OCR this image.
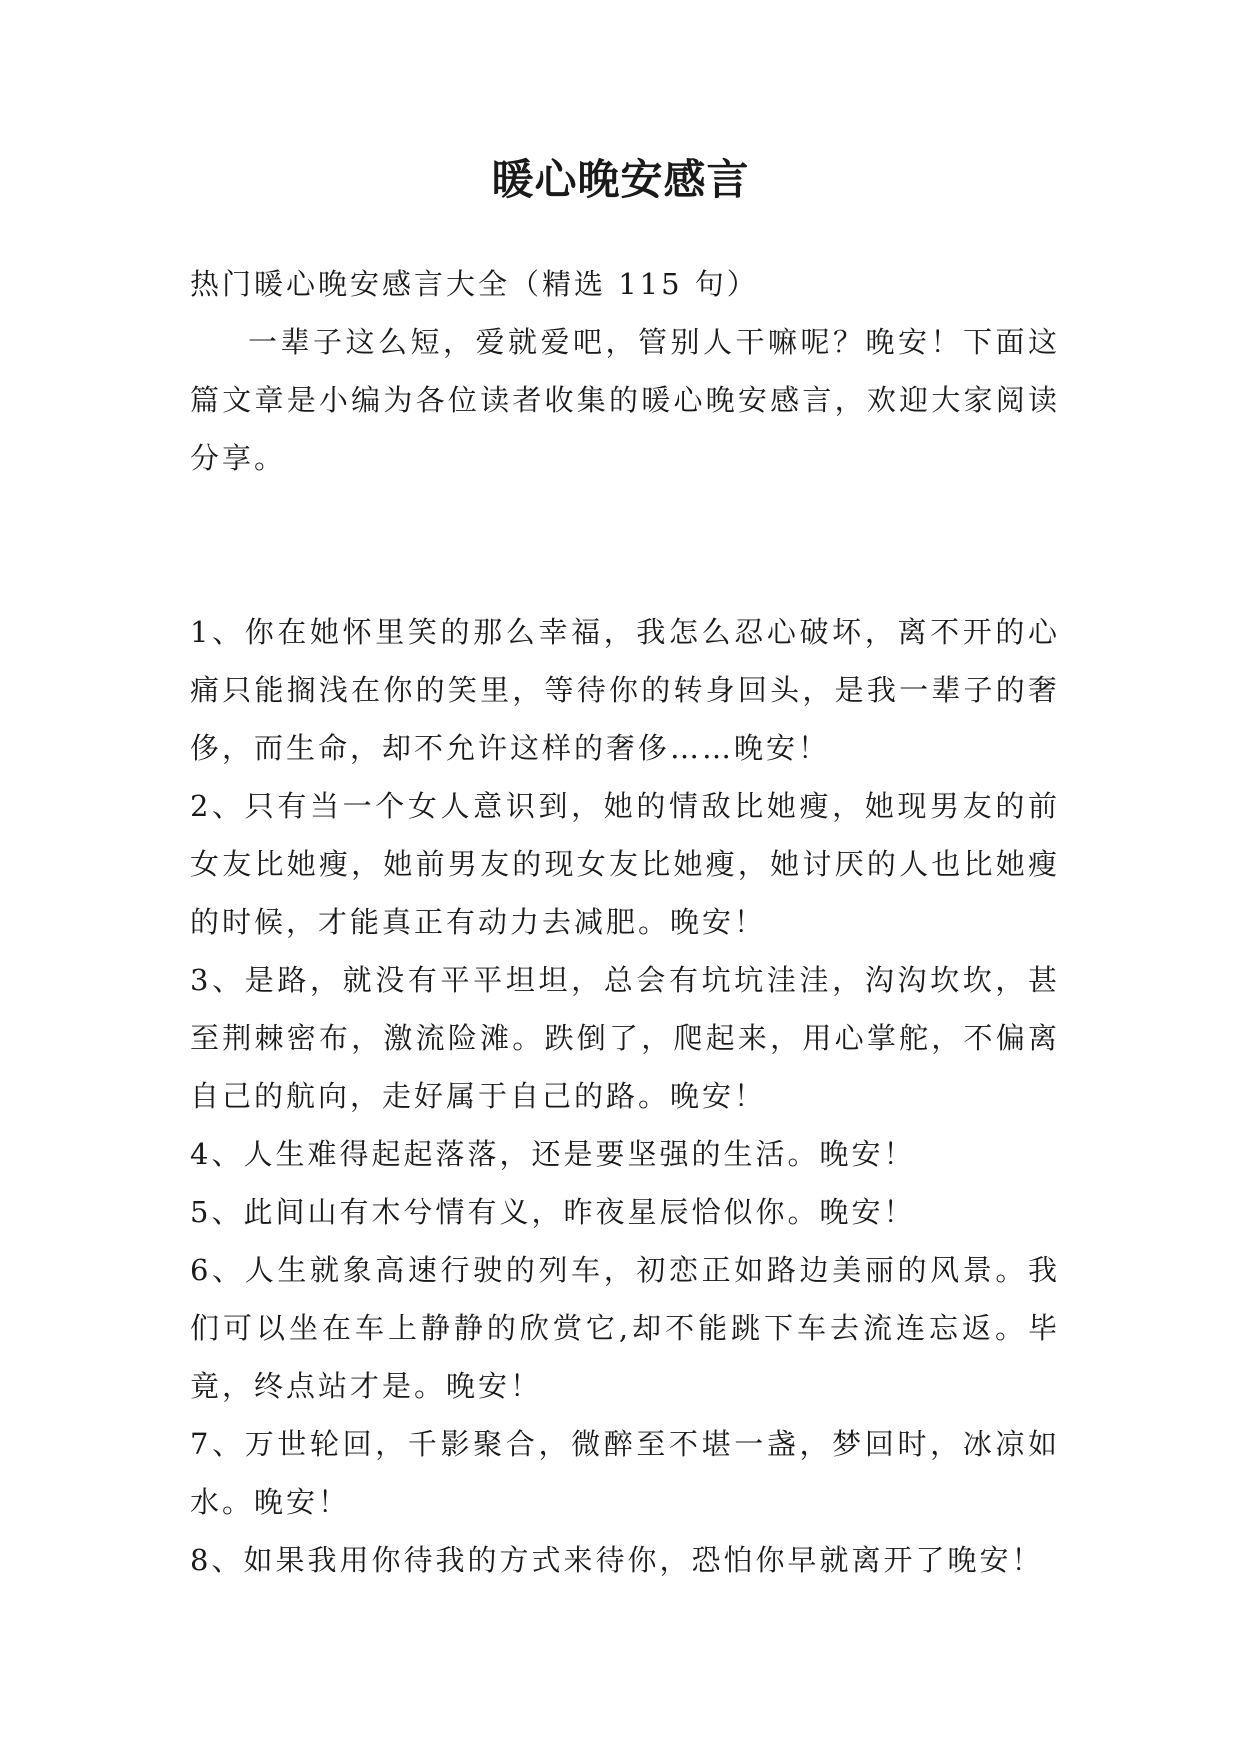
暖心晚安感言

热门暖心晚安感言大全（精选 115 句）

一辈子这么短，爱就爱吧，管别人干嘛呢？晚安！下面这篇文章是小编为各位读者收集的暖心晚安感言，欢迎大家阅读分享。

1、你在她怀里笑的那么幸福，我怎么忍心破坏，离不开的心痛只能搁浅在你的笑里，等待你的转身回头，是我一辈子的奢侈，而生命，却不允许这样的奢侈……晚安！

2、只有当一个女人意识到，她的情敌比她瘦，她现男友的前女友比她瘦，她前男友的现女友比她瘦，她讨厌的人也比她瘦的时候，才能真正有动力去减肥。晚安！

3、是路，就没有平平坦坦，总会有坑坑洼洼，沟沟坎坎，甚至荆棘密布，激流险滩。跌倒了，爬起来，用心掌舵，不偏离自己的航向，走好属于自己的路。晚安！

4、人生难得起起落落，还是要坚强的生活。晚安！

5、此间山有木兮情有义，昨夜星辰恰似你。晚安！

6、人生就象高速行驶的列车，初恋正如路边美丽的风景。我们可以坐在车上静静的欣赏它,却不能跳下车去流连忘返。毕竟，终点站才是。晚安！

7、万世轮回，千影聚合，微醉至不堪一盏，梦回时，冰凉如水。晚安！

8、如果我用你待我的方式来待你，恐怕你早就离开了晚安！
